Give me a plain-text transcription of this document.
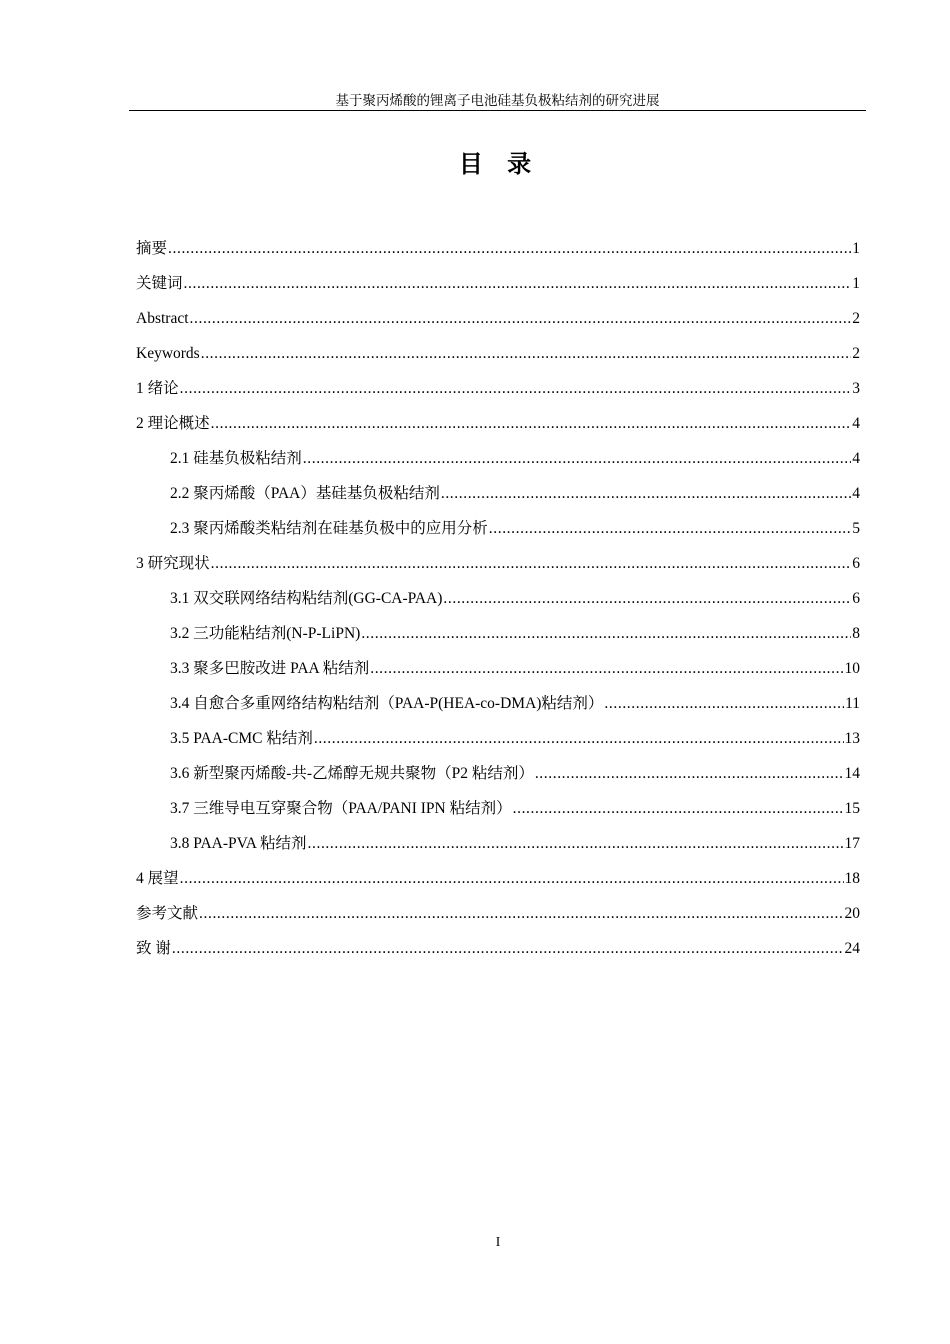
基于聚丙烯酸的锂离子电池硅基负极粘结剂的研究进展
目 录
摘要 .....	1
关键词 .....	1
Abstract .....	2
Keywords .....	2
1 绪论 .....	3
2 理论概述 .....	4
2.1 硅基负极粘结剂 .....	4
2.2 聚丙烯酸（PAA）基硅基负极粘结剂 .....	4
2.3 聚丙烯酸类粘结剂在硅基负极中的应用分析 .....	5
3 研究现状 .....	6
3.1 双交联网络结构粘结剂(GG-CA-PAA) .....	6
3.2 三功能粘结剂(N-P-LiPN) .....	8
3.3 聚多巴胺改进 PAA 粘结剂 .....	10
3.4 自愈合多重网络结构粘结剂（PAA-P(HEA-co-DMA)粘结剂） .....	11
3.5 PAA-CMC 粘结剂 .....	13
3.6 新型聚丙烯酸-共-乙烯醇无规共聚物（P2 粘结剂） .....	14
3.7 三维导电互穿聚合物（PAA/PANI IPN 粘结剂） .....	15
3.8 PAA-PVA 粘结剂 .....	17
4 展望 .....	18
参考文献 .....	20
致 谢 .....	24
I
